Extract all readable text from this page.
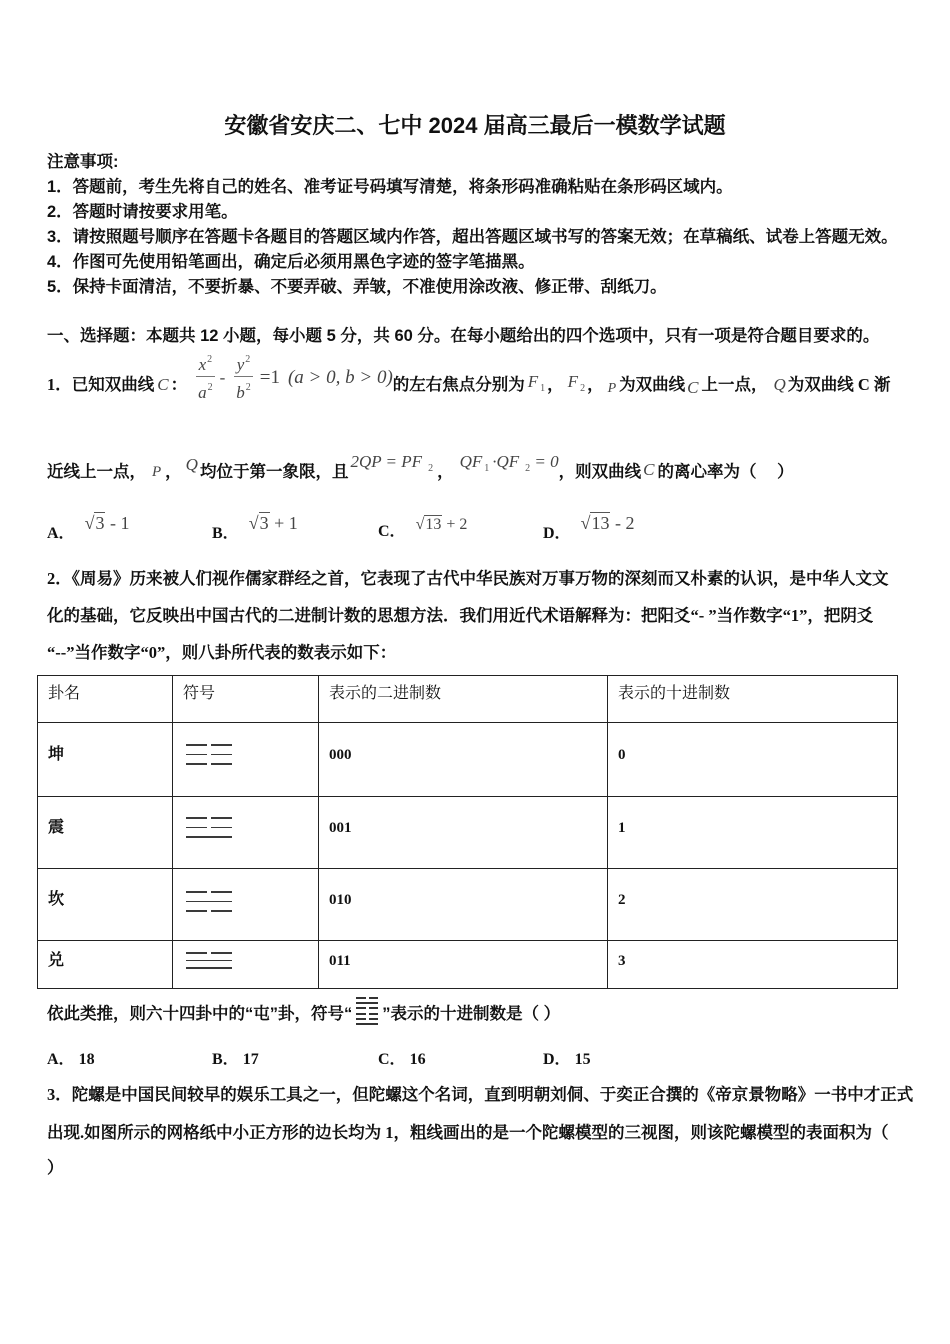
安徽省安庆二、七中 2024 届高三最后一模数学试题
注意事项:
1．答题前，考生先将自己的姓名、准考证号码填写清楚，将条形码准确粘贴在条形码区域内。
2．答题时请按要求用笔。
3．请按照题号顺序在答题卡各题目的答题区域内作答，超出答题区域书写的答案无效；在草稿纸、试卷上答题无效。
4．作图可先使用铅笔画出，确定后必须用黑色字迹的签字笔描黑。
5．保持卡面清洁，不要折暴、不要弄破、弄皱，不准使用涂改液、修正带、刮纸刀。
一、选择题：本题共 12 小题，每小题 5 分，共 60 分。在每小题给出的四个选项中，只有一项是符合题目要求的。
1．已知双曲线 C ： $\frac{x^2}{a^2} - \frac{y^2}{b^2} =1$ (a > 0, b > 0) 的左右焦点分别为 F $_1$ ， F $_2$ ， P 为双曲线 C 上一点， Q 为双曲线 C 渐
近线上一点， P ， Q 均位于第一象限，且
2QP = PF $_2$ ，
QF $_1$ ·QF $_2$ = 0
，则双曲线 C 的离心率为（　 ）
A． √3 - 1
B． √3 + 1	C． √13 + 2
D． √13 - 2
2．《周易》历来被人们视作儒家群经之首，它表现了古代中华民族对万事万物的深刻而又朴素的认识，是中华人文文
化的基础，它反映出中国古代的二进制计数的思想方法．我们用近代术语解释为：把阳爻“- ”当作数字“1”，把阴爻
“--”当作数字“0”，则八卦所代表的数表示如下：
卦名	符号	表示的二进制数	表示的十进制数
坤		000	0
震		001	1
坎		010	2
兑		011	3
依此类推，则六十四卦中的“屯”卦，符号“ ”表示的十进制数是（ ）
A． 18	B． 17	C． 16	D． 15
3．陀螺是中国民间较早的娱乐工具之一，但陀螺这个名词，直到明朝刘侗、于奕正合撰的《帝京景物略》一书中才正式
出现.如图所示的网格纸中小正方形的边长均为 1，粗线画出的是一个陀螺模型的三视图，则该陀螺模型的表面积为（
）
